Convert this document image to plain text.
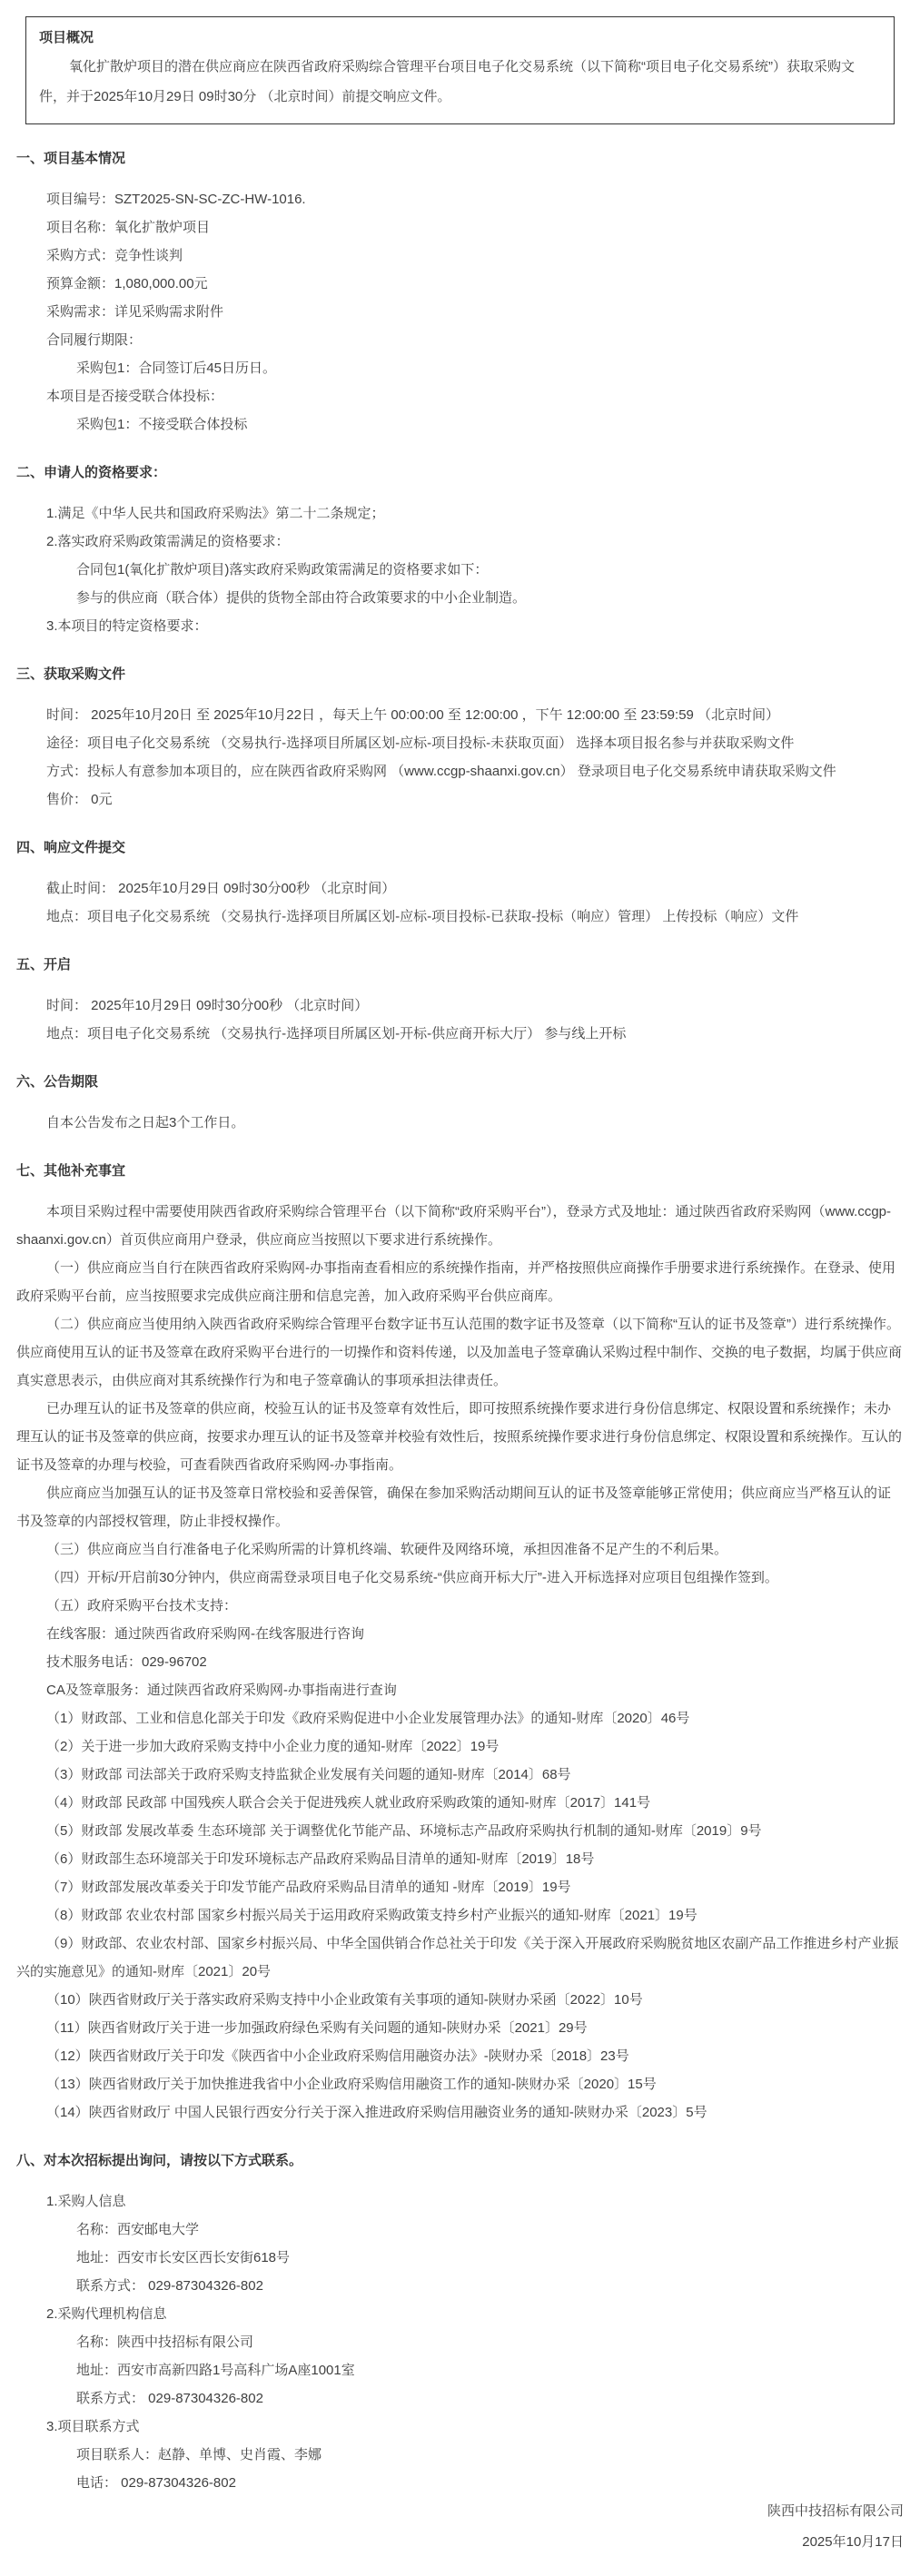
项目概况

氧化扩散炉项目的潜在供应商应在陕西省政府采购综合管理平台项目电子化交易系统（以下简称“项目电子化交易系统”）获取采购文件，并于2025年10月29日 09时30分 （北京时间）前提交响应文件。

一、项目基本情况

项目编号：SZT2025-SN-SC-ZC-HW-1016.

项目名称：氧化扩散炉项目

采购方式：竞争性谈判

预算金额：1,080,000.00元

采购需求：详见采购需求附件

合同履行期限：

采购包1：合同签订后45日历日。

本项目是否接受联合体投标：

采购包1：不接受联合体投标

二、申请人的资格要求：

1.满足《中华人民共和国政府采购法》第二十二条规定；

2.落实政府采购政策需满足的资格要求：

合同包1(氧化扩散炉项目)落实政府采购政策需满足的资格要求如下：

参与的供应商（联合体）提供的货物全部由符合政策要求的中小企业制造。

3.本项目的特定资格要求：

三、获取采购文件

时间： 2025年10月20日 至 2025年10月22日 ，每天上午 00:00:00 至 12:00:00 ，下午 12:00:00 至 23:59:59 （北京时间）

途径：项目电子化交易系统 （交易执行-选择项目所属区划-应标-项目投标-未获取页面） 选择本项目报名参与并获取采购文件

方式：投标人有意参加本项目的，应在陕西省政府采购网 （www.ccgp-shaanxi.gov.cn） 登录项目电子化交易系统申请获取采购文件

售价： 0元

四、响应文件提交

截止时间： 2025年10月29日 09时30分00秒 （北京时间）

地点：项目电子化交易系统 （交易执行-选择项目所属区划-应标-项目投标-已获取-投标（响应）管理） 上传投标（响应）文件

五、开启

时间： 2025年10月29日 09时30分00秒 （北京时间）

地点：项目电子化交易系统 （交易执行-选择项目所属区划-开标-供应商开标大厅） 参与线上开标

六、公告期限

自本公告发布之日起3个工作日。

七、其他补充事宜

本项目采购过程中需要使用陕西省政府采购综合管理平台（以下简称“政府采购平台”），登录方式及地址：通过陕西省政府采购网（www.ccgp-shaanxi.gov.cn）首页供应商用户登录，供应商应当按照以下要求进行系统操作。

（一）供应商应当自行在陕西省政府采购网-办事指南查看相应的系统操作指南，并严格按照供应商操作手册要求进行系统操作。在登录、使用政府采购平台前，应当按照要求完成供应商注册和信息完善，加入政府采购平台供应商库。

（二）供应商应当使用纳入陕西省政府采购综合管理平台数字证书互认范围的数字证书及签章（以下简称“互认的证书及签章”）进行系统操作。供应商使用互认的证书及签章在政府采购平台进行的一切操作和资料传递，以及加盖电子签章确认采购过程中制作、交换的电子数据，均属于供应商真实意思表示，由供应商对其系统操作行为和电子签章确认的事项承担法律责任。

已办理互认的证书及签章的供应商，校验互认的证书及签章有效性后，即可按照系统操作要求进行身份信息绑定、权限设置和系统操作；未办理互认的证书及签章的供应商，按要求办理互认的证书及签章并校验有效性后，按照系统操作要求进行身份信息绑定、权限设置和系统操作。互认的证书及签章的办理与校验，可查看陕西省政府采购网-办事指南。

供应商应当加强互认的证书及签章日常校验和妥善保管，确保在参加采购活动期间互认的证书及签章能够正常使用；供应商应当严格互认的证书及签章的内部授权管理，防止非授权操作。

（三）供应商应当自行准备电子化采购所需的计算机终端、软硬件及网络环境，承担因准备不足产生的不利后果。

（四）开标/开启前30分钟内，供应商需登录项目电子化交易系统-“供应商开标大厅”-进入开标选择对应项目包组操作签到。

（五）政府采购平台技术支持：

在线客服：通过陕西省政府采购网-在线客服进行咨询

技术服务电话：029-96702

CA及签章服务：通过陕西省政府采购网-办事指南进行查询

（1）财政部、工业和信息化部关于印发《政府采购促进中小企业发展管理办法》的通知-财库〔2020〕46号

（2）关于进一步加大政府采购支持中小企业力度的通知-财库〔2022〕19号

（3）财政部 司法部关于政府采购支持监狱企业发展有关问题的通知-财库〔2014〕68号

（4）财政部 民政部 中国残疾人联合会关于促进残疾人就业政府采购政策的通知-财库〔2017〕141号

（5）财政部 发展改革委 生态环境部 关于调整优化节能产品、环境标志产品政府采购执行机制的通知-财库〔2019〕9号

（6）财政部生态环境部关于印发环境标志产品政府采购品目清单的通知-财库〔2019〕18号

（7）财政部发展改革委关于印发节能产品政府采购品目清单的通知 -财库〔2019〕19号

（8）财政部 农业农村部 国家乡村振兴局关于运用政府采购政策支持乡村产业振兴的通知-财库〔2021〕19号

（9）财政部、农业农村部、国家乡村振兴局、中华全国供销合作总社关于印发《关于深入开展政府采购脱贫地区农副产品工作推进乡村产业振兴的实施意见》的通知-财库〔2021〕20号

（10）陕西省财政厅关于落实政府采购支持中小企业政策有关事项的通知-陕财办采函〔2022〕10号

（11）陕西省财政厅关于进一步加强政府绿色采购有关问题的通知-陕财办采〔2021〕29号

（12）陕西省财政厅关于印发《陕西省中小企业政府采购信用融资办法》-陕财办采〔2018〕23号

（13）陕西省财政厅关于加快推进我省中小企业政府采购信用融资工作的通知-陕财办采〔2020〕15号

（14）陕西省财政厅 中国人民银行西安分行关于深入推进政府采购信用融资业务的通知-陕财办采〔2023〕5号

八、对本次招标提出询问，请按以下方式联系。

1.采购人信息

名称：西安邮电大学

地址：西安市长安区西长安街618号

联系方式： 029-87304326-802

2.采购代理机构信息

名称：陕西中技招标有限公司

地址：西安市高新四路1号高科广场A座1001室

联系方式： 029-87304326-802

3.项目联系方式

项目联系人：赵静、单博、史肖霞、李娜

电话： 029-87304326-802

陕西中技招标有限公司
2025年10月17日
